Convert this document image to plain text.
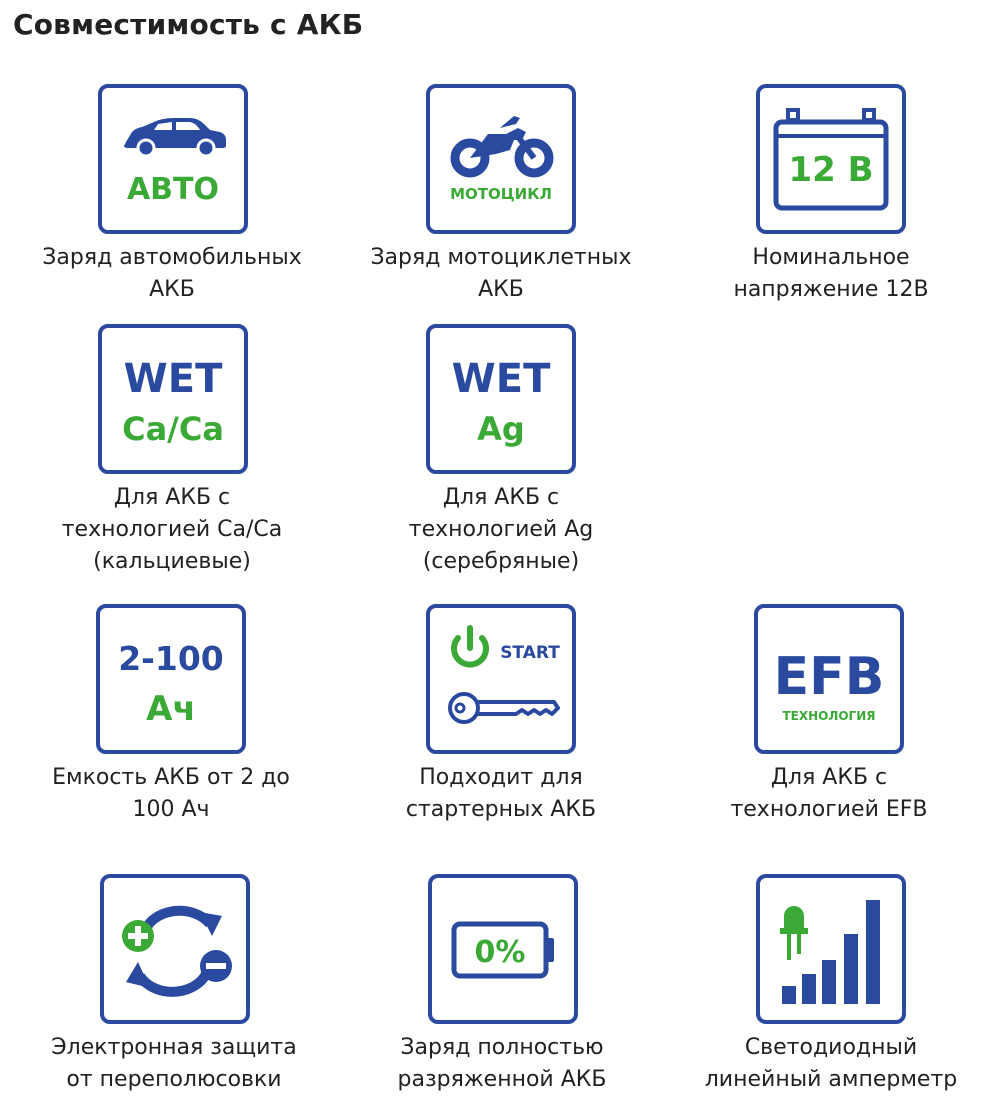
Совместимость с АКБ
АВТО
Заряд автомобильных
АКБ
МОТОЦИКЛ
Заряд мотоциклетных
АКБ
12 В
Номинальное
напряжение 12В
WET
Ca/Ca
Для АКБ с
технологией Ca/Ca
(кальциевые)
WET
Ag
Для АКБ с
технологией Ag
(серебряные)
2-100
Ач
Емкость АКБ от 2 до
100 Ач
START
Подходит для
стартерных АКБ
EFB
ТЕХНОЛОГИЯ
Для АКБ с
технологией EFB
Электронная защита
от переполюсовки
0%
Заряд полностью
разряженной АКБ
Светодиодный
линейный амперметр
